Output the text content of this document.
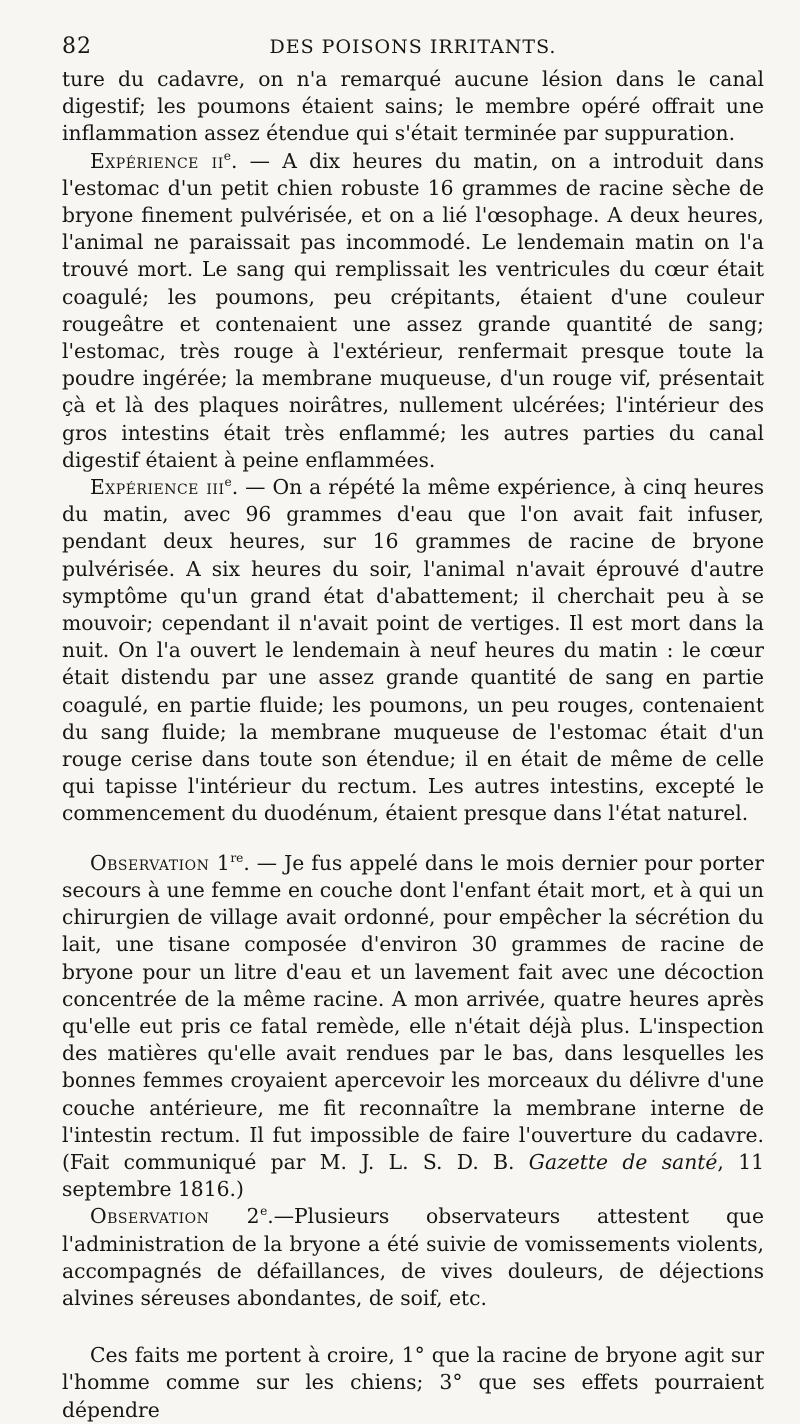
82	DES POISONS IRRITANTS.

ture du cadavre, on n'a remarqué aucune lésion dans le canal digestif; les poumons étaient sains; le membre opéré offrait une inflammation assez étendue qui s'était terminée par suppuration.

Expérience $ii^e$. — A dix heures du matin, on a introduit dans l'estomac d'un petit chien robuste 16 grammes de racine sèche de bryone finement pulvérisée, et on a lié l'œsophage. A deux heures, l'animal ne paraissait pas incommodé. Le lendemain matin on l'a trouvé mort. Le sang qui remplissait les ventricules du cœur était coagulé; les poumons, peu crépitants, étaient d'une couleur rougeâtre et contenaient une assez grande quantité de sang; l'estomac, très rouge à l'extérieur, renfermait presque toute la poudre ingérée; la membrane muqueuse, d'un rouge vif, présentait çà et là des plaques noirâtres, nullement ulcérées; l'intérieur des gros intestins était très enflammé; les autres parties du canal digestif étaient à peine enflammées.

Expérience iii$^e$. — On a répété la même expérience, à cinq heures du matin, avec 96 grammes d'eau que l'on avait fait infuser, pendant deux heures, sur 16 grammes de racine de bryone pulvérisée. A six heures du soir, l'animal n'avait éprouvé d'autre symptôme qu'un grand état d'abattement; il cherchait peu à se mouvoir; cependant il n'avait point de vertiges. Il est mort dans la nuit. On l'a ouvert le lendemain à neuf heures du matin : le cœur était distendu par une assez grande quantité de sang en partie coagulé, en partie fluide; les poumons, un peu rouges, contenaient du sang fluide; la membrane muqueuse de l'estomac était d'un rouge cerise dans toute son étendue; il en était de même de celle qui tapisse l'intérieur du rectum. Les autres intestins, excepté le commencement du duodénum, étaient presque dans l'état naturel.

Observation 1re. — Je fus appelé dans le mois dernier pour porter secours à une femme en couche dont l'enfant était mort, et à qui un chirurgien de village avait ordonné, pour empêcher la sécrétion du lait, une tisane composée d'environ 30 grammes de racine de bryone pour un litre d'eau et un lavement fait avec une décoction concentrée de la même racine. A mon arrivée, quatre heures après qu'elle eut pris ce fatal remède, elle n'était déjà plus. L'inspection des matières qu'elle avait rendues par le bas, dans lesquelles les bonnes femmes croyaient apercevoir les morceaux du délivre d'une couche antérieure, me fit reconnaître la membrane interne de l'intestin rectum. Il fut impossible de faire l'ouverture du cadavre. (Fait communiqué par M. J. L. S. D. B. Gazette de santé, 11 septembre 1816.)

Observation 2e.—Plusieurs observateurs attestent que l'administration de la bryone a été suivie de vomissements violents, accompagnés de défaillances, de vives douleurs, de déjections alvines séreuses abondantes, de soif, etc.

Ces faits me portent à croire, 1° que la racine de bryone agit sur l'homme comme sur les chiens; 3° que ses effets pourraient dépendre
